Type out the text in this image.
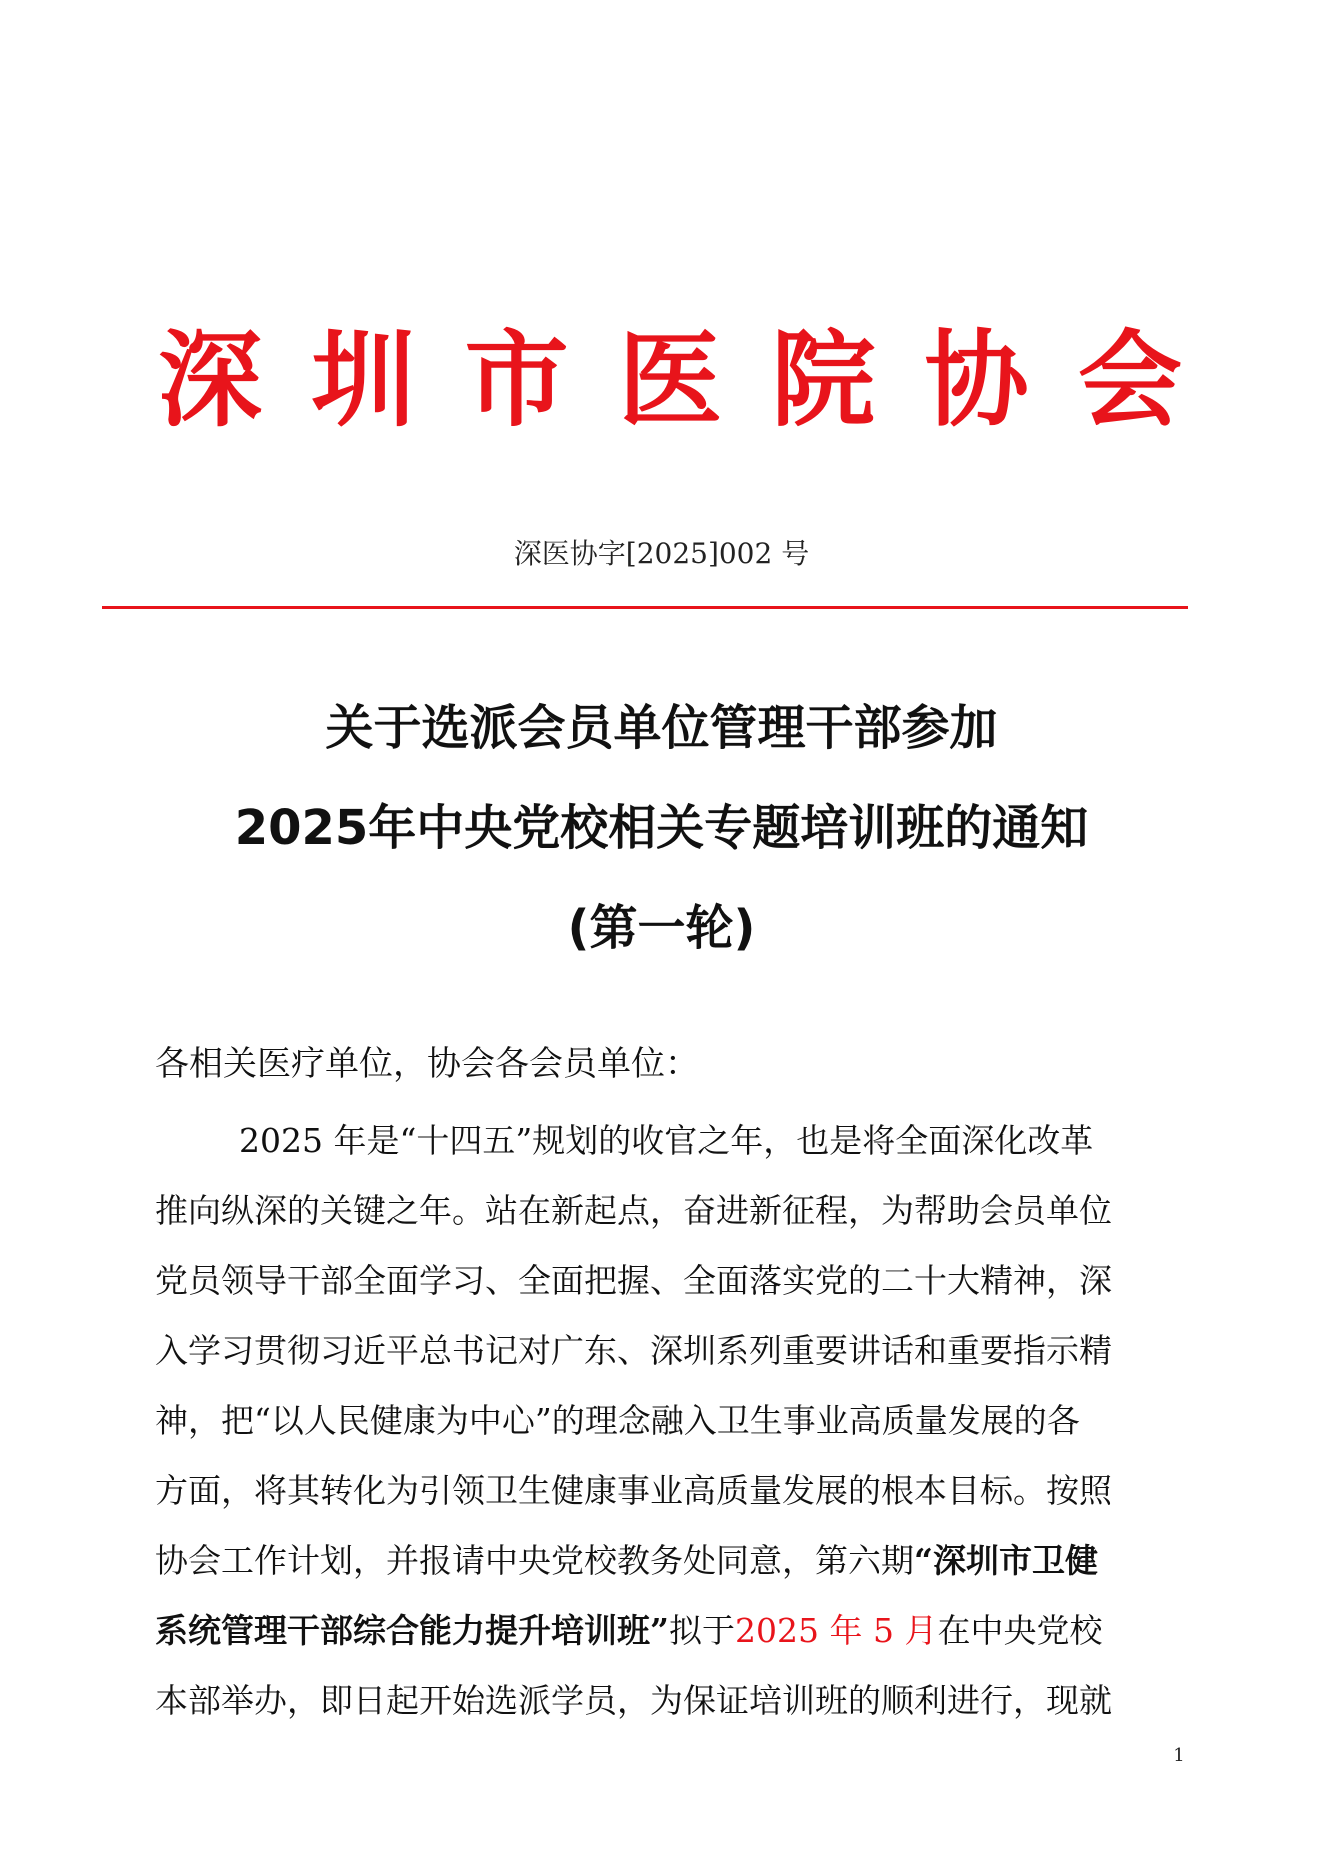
深 圳 市 医 院 协 会
深医协字[2025]002 号
关于选派会员单位管理干部参加
2025年中央党校相关专题培训班的通知
(第一轮)
各相关医疗单位，协会各会员单位：
2025 年是“十四五”规划的收官之年，也是将全面深化改革
推向纵深的关键之年。站在新起点，奋进新征程，为帮助会员单位
党员领导干部全面学习、全面把握、全面落实党的二十大精神，深
入学习贯彻习近平总书记对广东、深圳系列重要讲话和重要指示精
神，把“以人民健康为中心”的理念融入卫生事业高质量发展的各
方面，将其转化为引领卫生健康事业高质量发展的根本目标。按照
协会工作计划，并报请中央党校教务处同意，第六期“深圳市卫健
系统管理干部综合能力提升培训班”拟于2025 年 5 月在中央党校
本部举办，即日起开始选派学员，为保证培训班的顺利进行，现就
1
